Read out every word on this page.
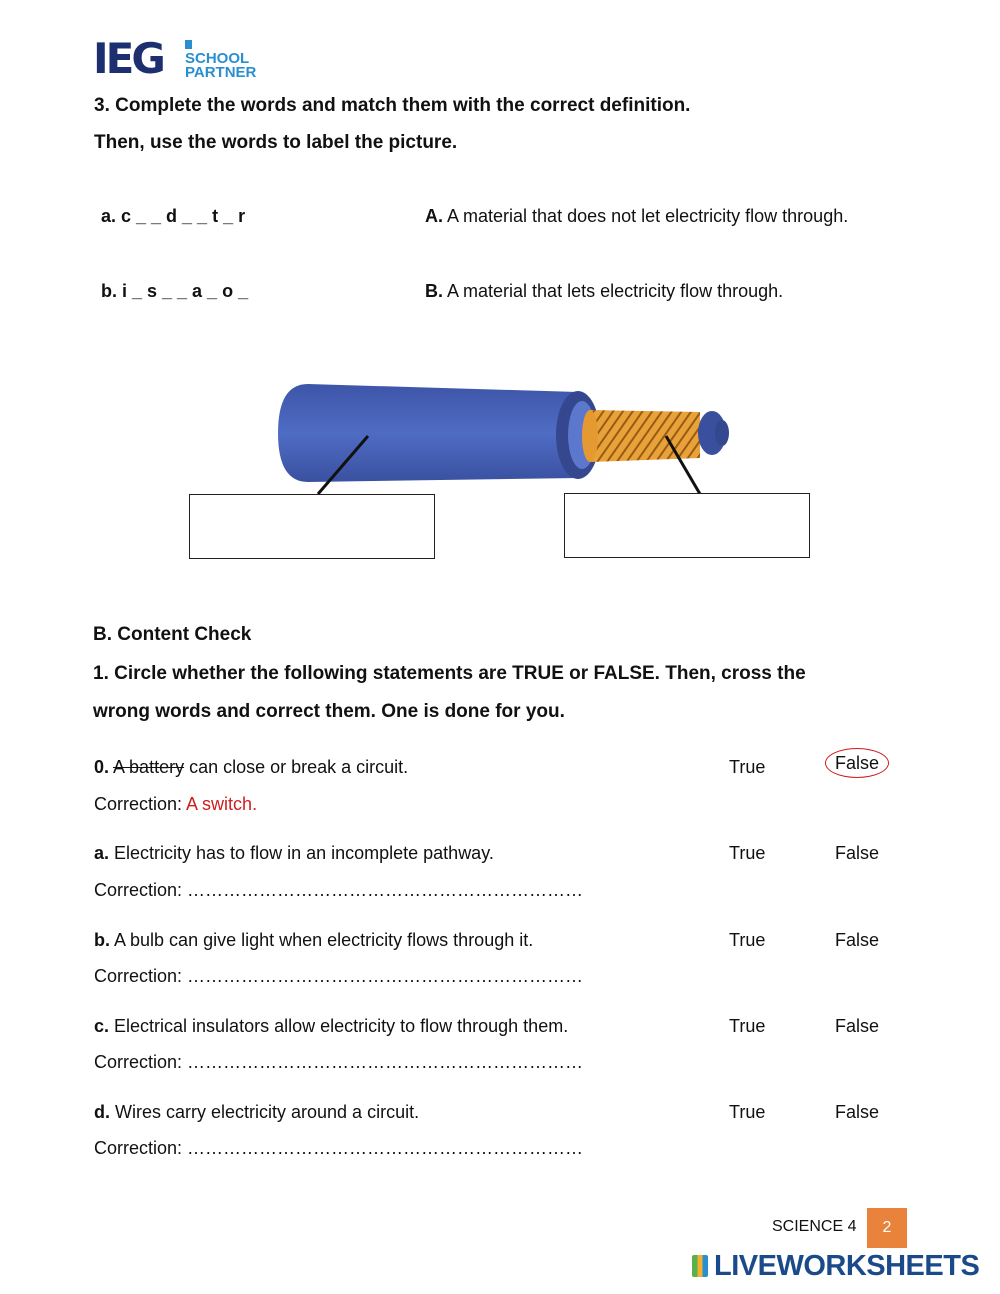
IEG SCHOOL
PARTNER
3. Complete the words and match them with the correct definition.
Then, use the words to label the picture.
a. c _ _ d _ _ t _ r	A. A material that does not let electricity flow through.
b. i _ s _ _ a _ o _	B. A material that lets electricity flow through.
B. Content Check
1. Circle whether the following statements are TRUE or FALSE. Then, cross the
wrong words and correct them. One is done for you.
0. A battery can close or break a circuit.	True	False
Correction: A switch.
a. Electricity has to flow in an incomplete pathway.	True	False
Correction: …………………………………………………………
b. A bulb can give light when electricity flows through it.	True	False
Correction: …………………………………………………………
c. Electrical insulators allow electricity to flow through them.	True	False
Correction: …………………………………………………………
d. Wires carry electricity around a circuit.	True	False
Correction: …………………………………………………………
SCIENCE 4	2
LIVEWORKSHEETS
